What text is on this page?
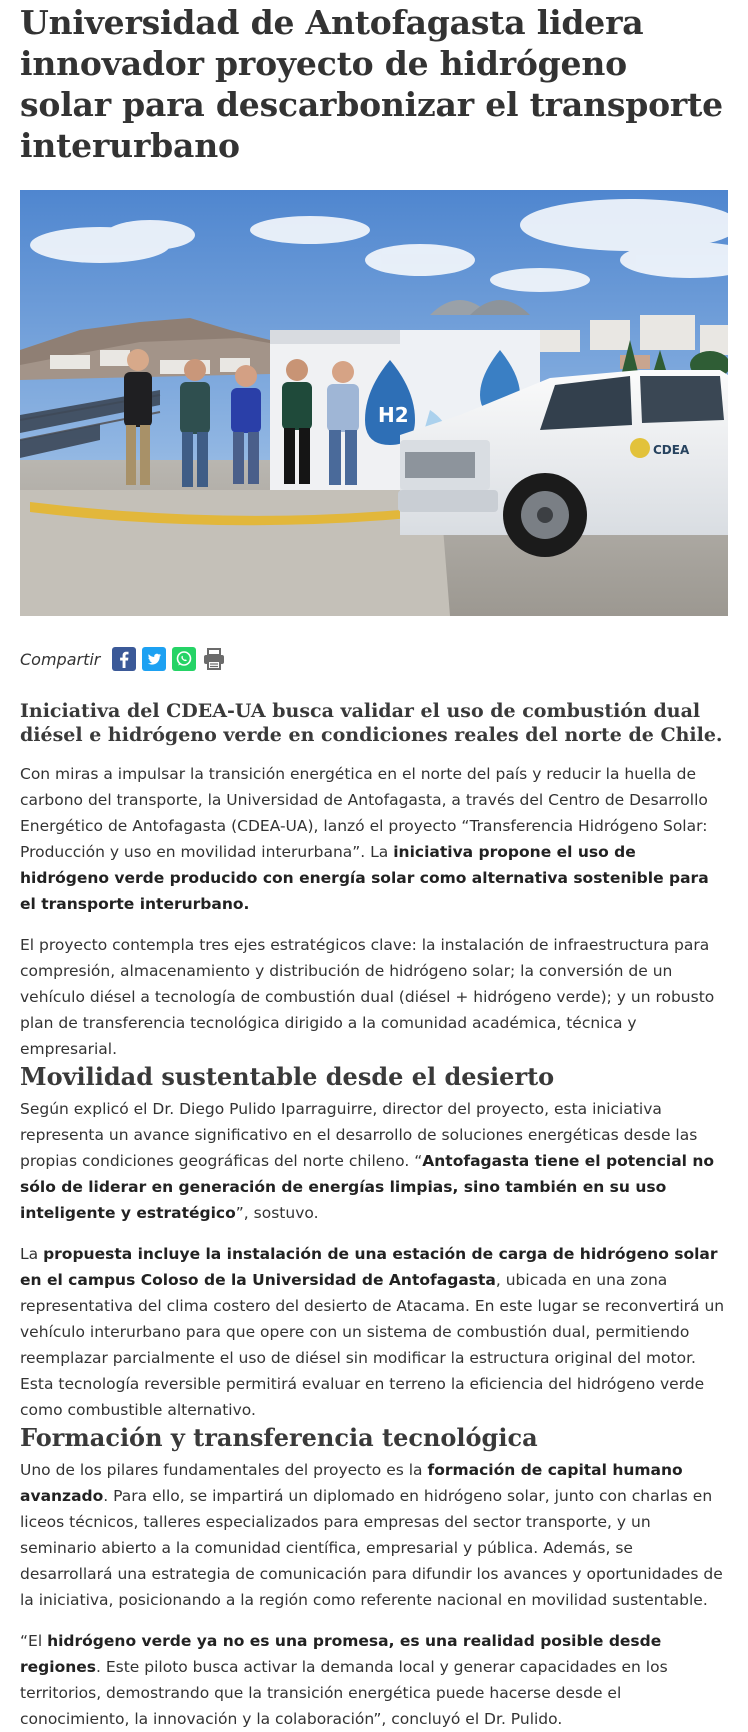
Universidad de Antofagasta lidera innovador proyecto de hidrógeno solar para descarbonizar el transporte interurbano
H2
CDEA
Compartir
Iniciativa del CDEA-UA busca validar el uso de combustión dual diésel e hidrógeno verde en condiciones reales del norte de Chile.

Con miras a impulsar la transición energética en el norte del país y reducir la huella de carbono del transporte, la Universidad de Antofagasta, a través del Centro de Desarrollo Energético de Antofagasta (CDEA-UA), lanzó el proyecto “Transferencia Hidrógeno Solar: Producción y uso en movilidad interurbana”. La iniciativa propone el uso de hidrógeno verde producido con energía solar como alternativa sostenible para el transporte interurbano.

El proyecto contempla tres ejes estratégicos clave: la instalación de infraestructura para compresión, almacenamiento y distribución de hidrógeno solar; la conversión de un vehículo diésel a tecnología de combustión dual (diésel + hidrógeno verde); y un robusto plan de transferencia tecnológica dirigido a la comunidad académica, técnica y empresarial.

Movilidad sustentable desde el desierto

Según explicó el Dr. Diego Pulido Iparraguirre, director del proyecto, esta iniciativa representa un avance significativo en el desarrollo de soluciones energéticas desde las propias condiciones geográficas del norte chileno. “Antofagasta tiene el potencial no sólo de liderar en generación de energías limpias, sino también en su uso inteligente y estratégico”, sostuvo.

La propuesta incluye la instalación de una estación de carga de hidrógeno solar en el campus Coloso de la Universidad de Antofagasta, ubicada en una zona representativa del clima costero del desierto de Atacama. En este lugar se reconvertirá un vehículo interurbano para que opere con un sistema de combustión dual, permitiendo reemplazar parcialmente el uso de diésel sin modificar la estructura original del motor. Esta tecnología reversible permitirá evaluar en terreno la eficiencia del hidrógeno verde como combustible alternativo.

Formación y transferencia tecnológica

Uno de los pilares fundamentales del proyecto es la formación de capital humano avanzado. Para ello, se impartirá un diplomado en hidrógeno solar, junto con charlas en liceos técnicos, talleres especializados para empresas del sector transporte, y un seminario abierto a la comunidad científica, empresarial y pública. Además, se desarrollará una estrategia de comunicación para difundir los avances y oportunidades de la iniciativa, posicionando a la región como referente nacional en movilidad sustentable.

“El hidrógeno verde ya no es una promesa, es una realidad posible desde regiones. Este piloto busca activar la demanda local y generar capacidades en los territorios, demostrando que la transición energética puede hacerse desde el conocimiento, la innovación y la colaboración”, concluyó el Dr. Pulido.
